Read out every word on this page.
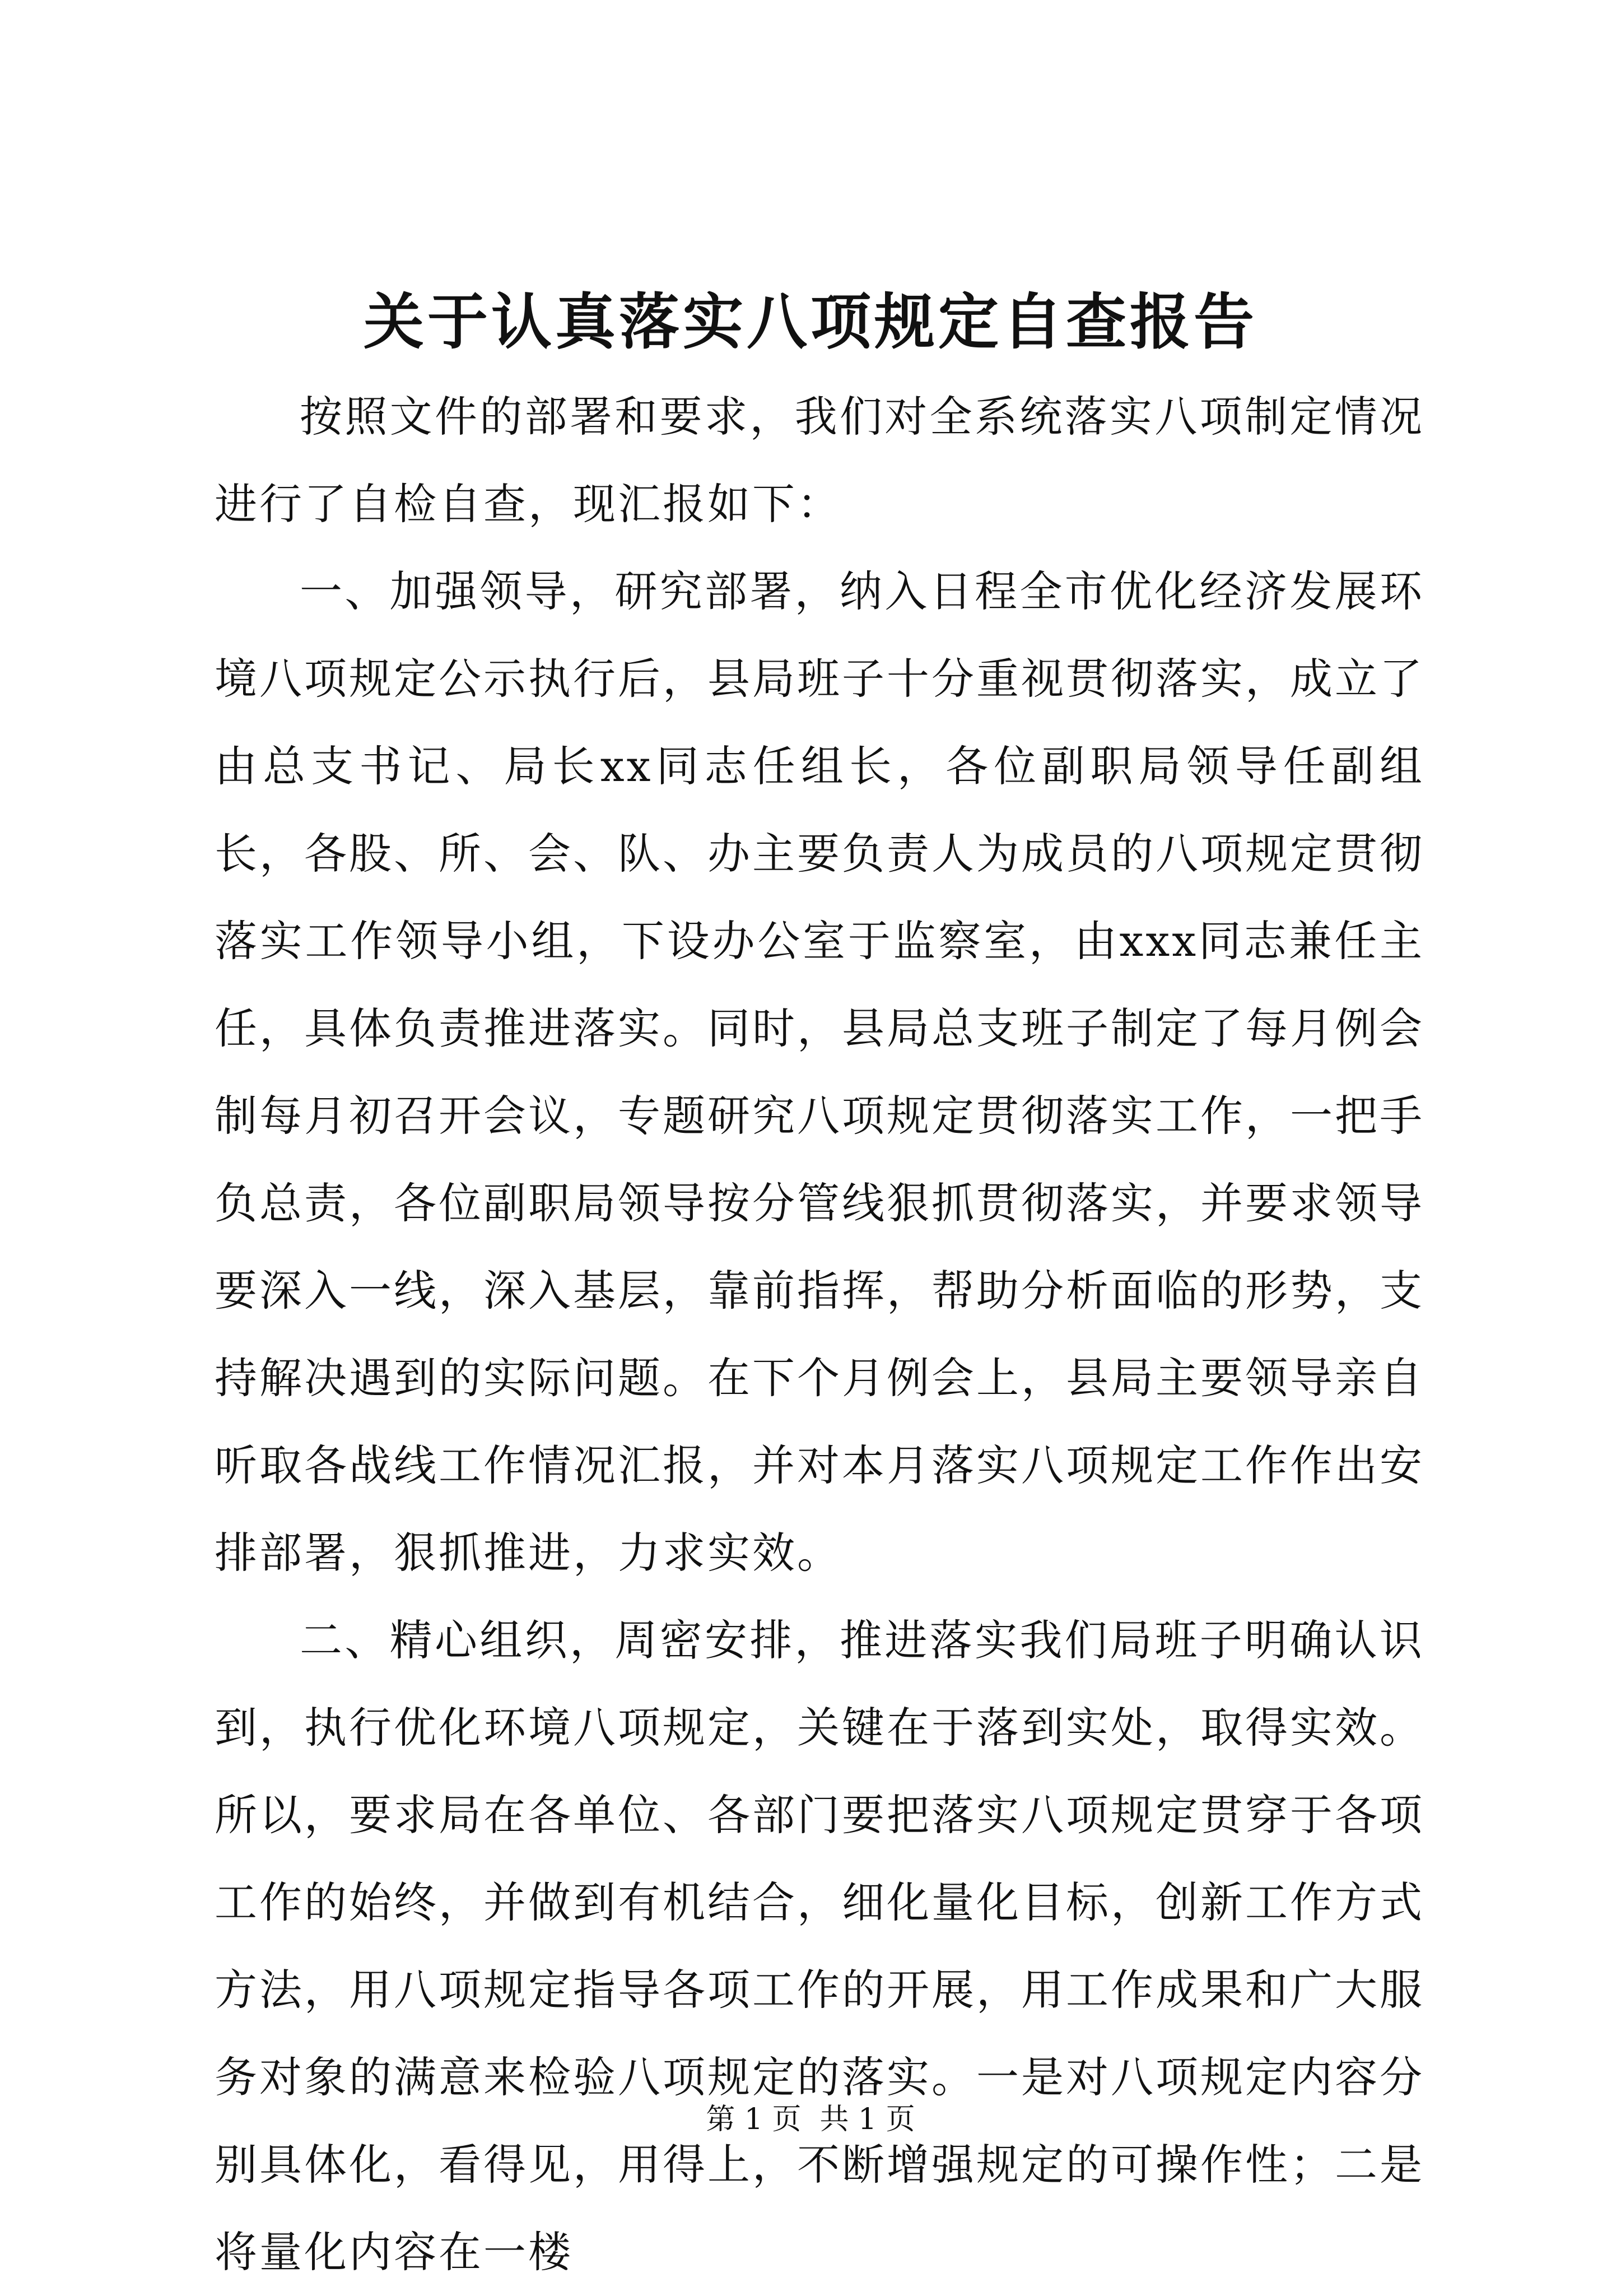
关于认真落实八项规定自查报告

按照文件的部署和要求，我们对全系统落实八项制定情况进行了自检自查，现汇报如下：

一、加强领导，研究部署，纳入日程全市优化经济发展环境八项规定公示执行后，县局班子十分重视贯彻落实，成立了由总支书记、局长xx同志任组长，各位副职局领导任副组长，各股、所、会、队、办主要负责人为成员的八项规定贯彻落实工作领导小组，下设办公室于监察室，由xxx同志兼任主任，具体负责推进落实。同时，县局总支班子制定了每月例会制每月初召开会议，专题研究八项规定贯彻落实工作，一把手负总责，各位副职局领导按分管线狠抓贯彻落实，并要求领导要深入一线，深入基层，靠前指挥，帮助分析面临的形势，支持解决遇到的实际问题。在下个月例会上，县局主要领导亲自听取各战线工作情况汇报，并对本月落实八项规定工作作出安排部署，狠抓推进，力求实效。

二、精心组织，周密安排，推进落实我们局班子明确认识到，执行优化环境八项规定，关键在于落到实处，取得实效。所以，要求局在各单位、各部门要把落实八项规定贯穿于各项工作的始终，并做到有机结合，细化量化目标，创新工作方式方法，用八项规定指导各项工作的开展，用工作成果和广大服务对象的满意来检验八项规定的落实。一是对八项规定内容分别具体化，看得见，用得上，不断增强规定的可操作性；二是将量化内容在一楼

第 1 页  共 1 页
